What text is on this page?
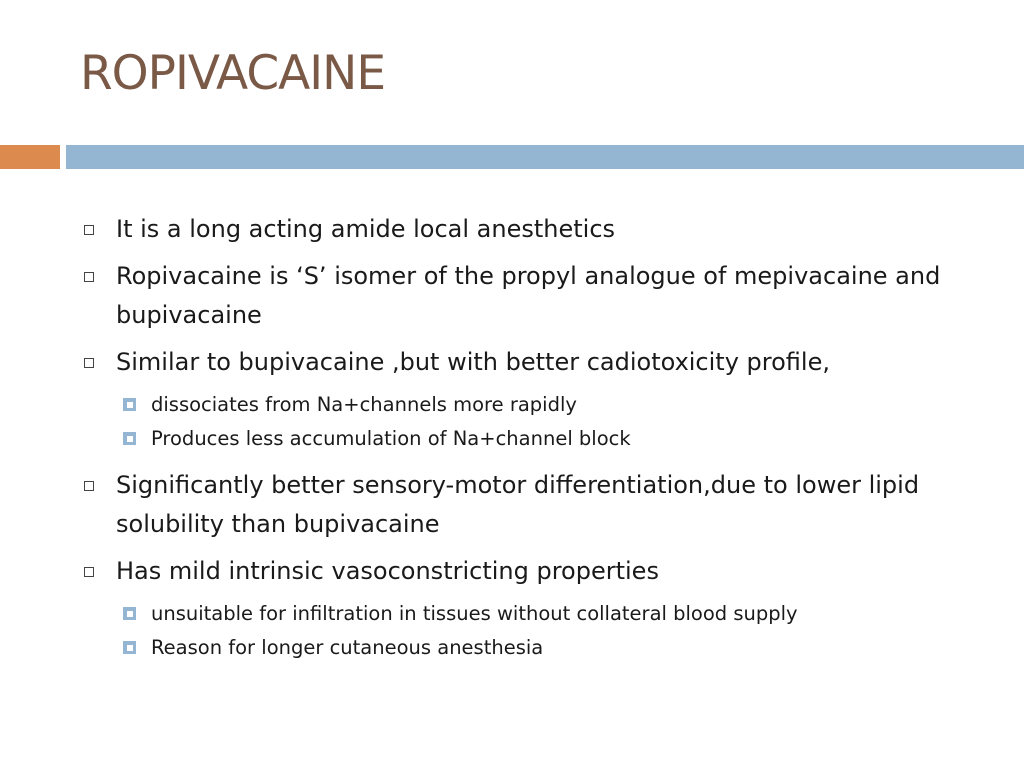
ROPIVACAINE
It is a long acting amide local anesthetics
Ropivacaine is ‘S’ isomer of the propyl analogue of mepivacaine and bupivacaine
Similar to bupivacaine ,but with better cadiotoxicity profile,
dissociates from Na+channels more rapidly
Produces less accumulation of Na+channel block
Significantly better sensory-motor differentiation,due to lower lipid solubility than bupivacaine
Has mild intrinsic vasoconstricting properties
unsuitable for infiltration in tissues without collateral blood supply
Reason for longer cutaneous anesthesia
